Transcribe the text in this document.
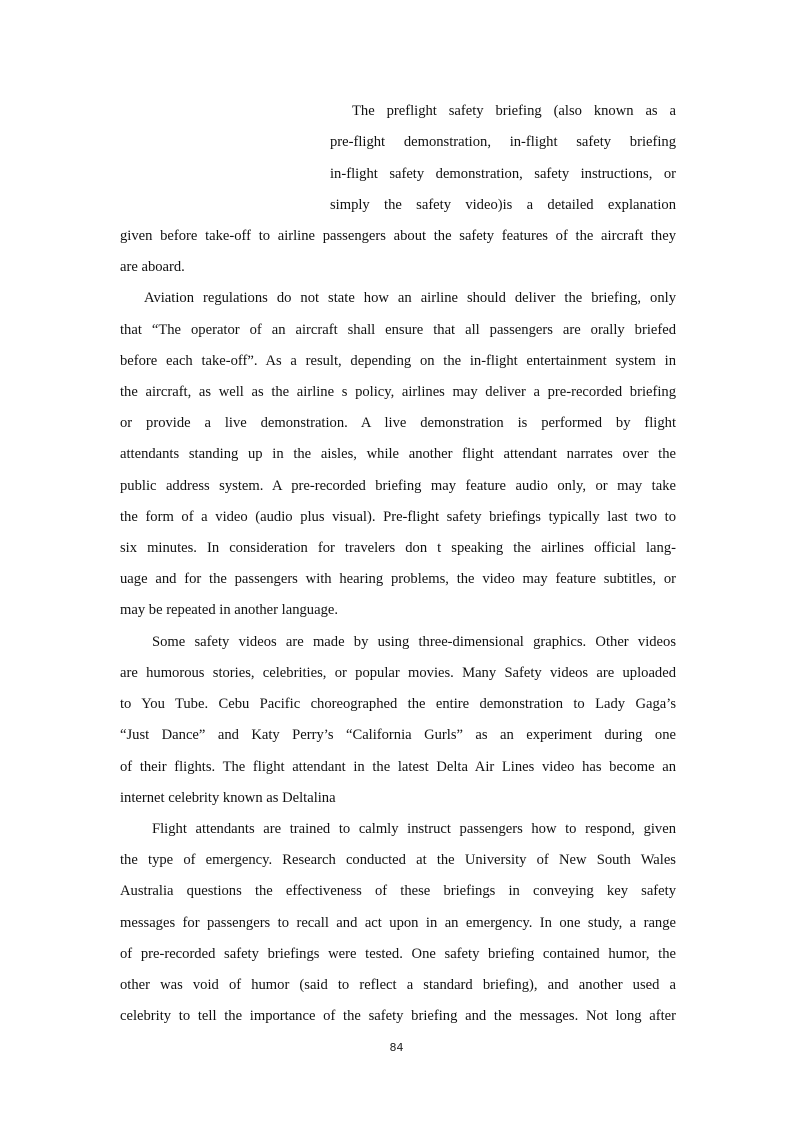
The preflight safety briefing (also known as a
pre-flight demonstration, in-flight safety briefing
in-flight safety demonstration, safety instructions, or
simply the safety video)is a detailed explanation
given before take-off to airline passengers about the safety features of the aircraft they
are aboard.
Aviation regulations do not state how an airline should deliver the briefing, only
that “The operator of an aircraft shall ensure that all passengers are orally briefed
before each take-off”. As a result, depending on the in-flight entertainment system in
the aircraft, as well as the airline s policy, airlines may deliver a pre-recorded briefing
or provide a live demonstration. A live demonstration is performed by flight
attendants standing up in the aisles, while another flight attendant narrates over the
public address system. A pre-recorded briefing may feature audio only, or may take
the form of a video (audio plus visual). Pre-flight safety briefings typically last two to
six minutes. In consideration for travelers don t speaking the airlines official lang-
uage and for the passengers with hearing problems, the video may feature subtitles, or
may be repeated in another language.
Some safety videos are made by using three-dimensional graphics. Other videos
are humorous stories, celebrities, or popular movies. Many Safety videos are uploaded
to You Tube. Cebu Pacific choreographed the entire demonstration to Lady Gaga’s
“Just Dance” and Katy Perry’s “California Gurls” as an experiment during one
of their flights. The flight attendant in the latest Delta Air Lines video has become an
internet celebrity known as Deltalina
Flight attendants are trained to calmly instruct passengers how to respond, given
the type of emergency. Research conducted at the University of New South Wales
Australia questions the effectiveness of these briefings in conveying key safety
messages for passengers to recall and act upon in an emergency. In one study, a range
of pre-recorded safety briefings were tested. One safety briefing contained humor, the
other was void of humor (said to reflect a standard briefing), and another used a
celebrity to tell the importance of the safety briefing and the messages. Not long after
84
